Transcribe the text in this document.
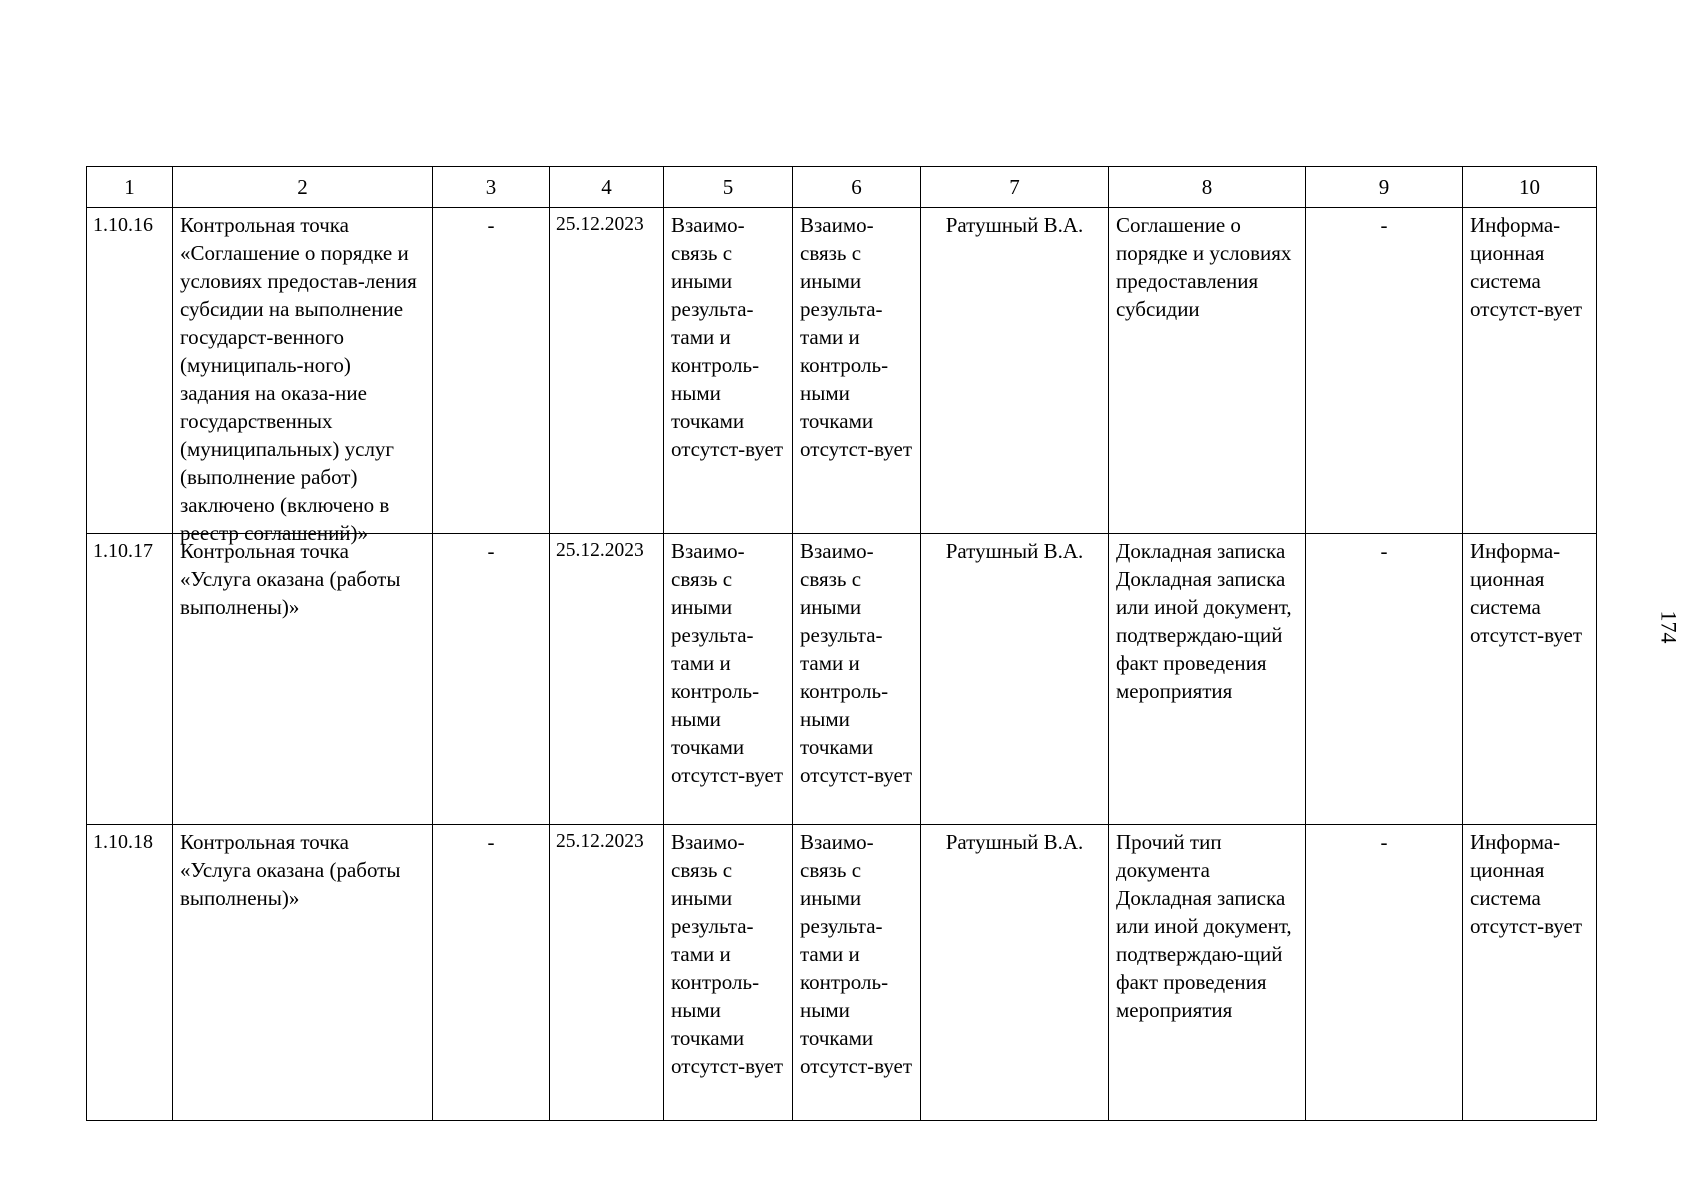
1	2	3	4	5	6	7	8	9	10
1.10.16	Контрольная точка «Соглашение о порядке и условиях предостав-ления субсидии на выполнение государст-венного (муниципаль-ного) задания на оказа-ние государственных (муниципальных) услуг (выполнение работ) заключено (включено в реестр соглашений)»	-	25.12.2023	Взаимо-связь с иными результа-тами и контроль-ными точками отсутст-вует	Взаимо-связь с иными результа-тами и контроль-ными точками отсутст-вует	Ратушный В.А.	Соглашение о порядке и условиях предоставления субсидии	-	Информа-ционная система отсутст-вует
1.10.17	Контрольная точка «Услуга оказана (работы выполнены)»	-	25.12.2023	Взаимо-связь с иными результа-тами и контроль-ными точками отсутст-вует	Взаимо-связь с иными результа-тами и контроль-ными точками отсутст-вует	Ратушный В.А.	Докладная записка Докладная записка или иной документ, подтверждаю-щий факт проведения мероприятия	-	Информа-ционная система отсутст-вует
1.10.18	Контрольная точка «Услуга оказана (работы выполнены)»	-	25.12.2023	Взаимо-связь с иными результа-тами и контроль-ными точками отсутст-вует	Взаимо-связь с иными результа-тами и контроль-ными точками отсутст-вует	Ратушный В.А.	Прочий тип документа Докладная записка или иной документ, подтверждаю-щий факт проведения мероприятия	-	Информа-ционная система отсутст-вует
174
